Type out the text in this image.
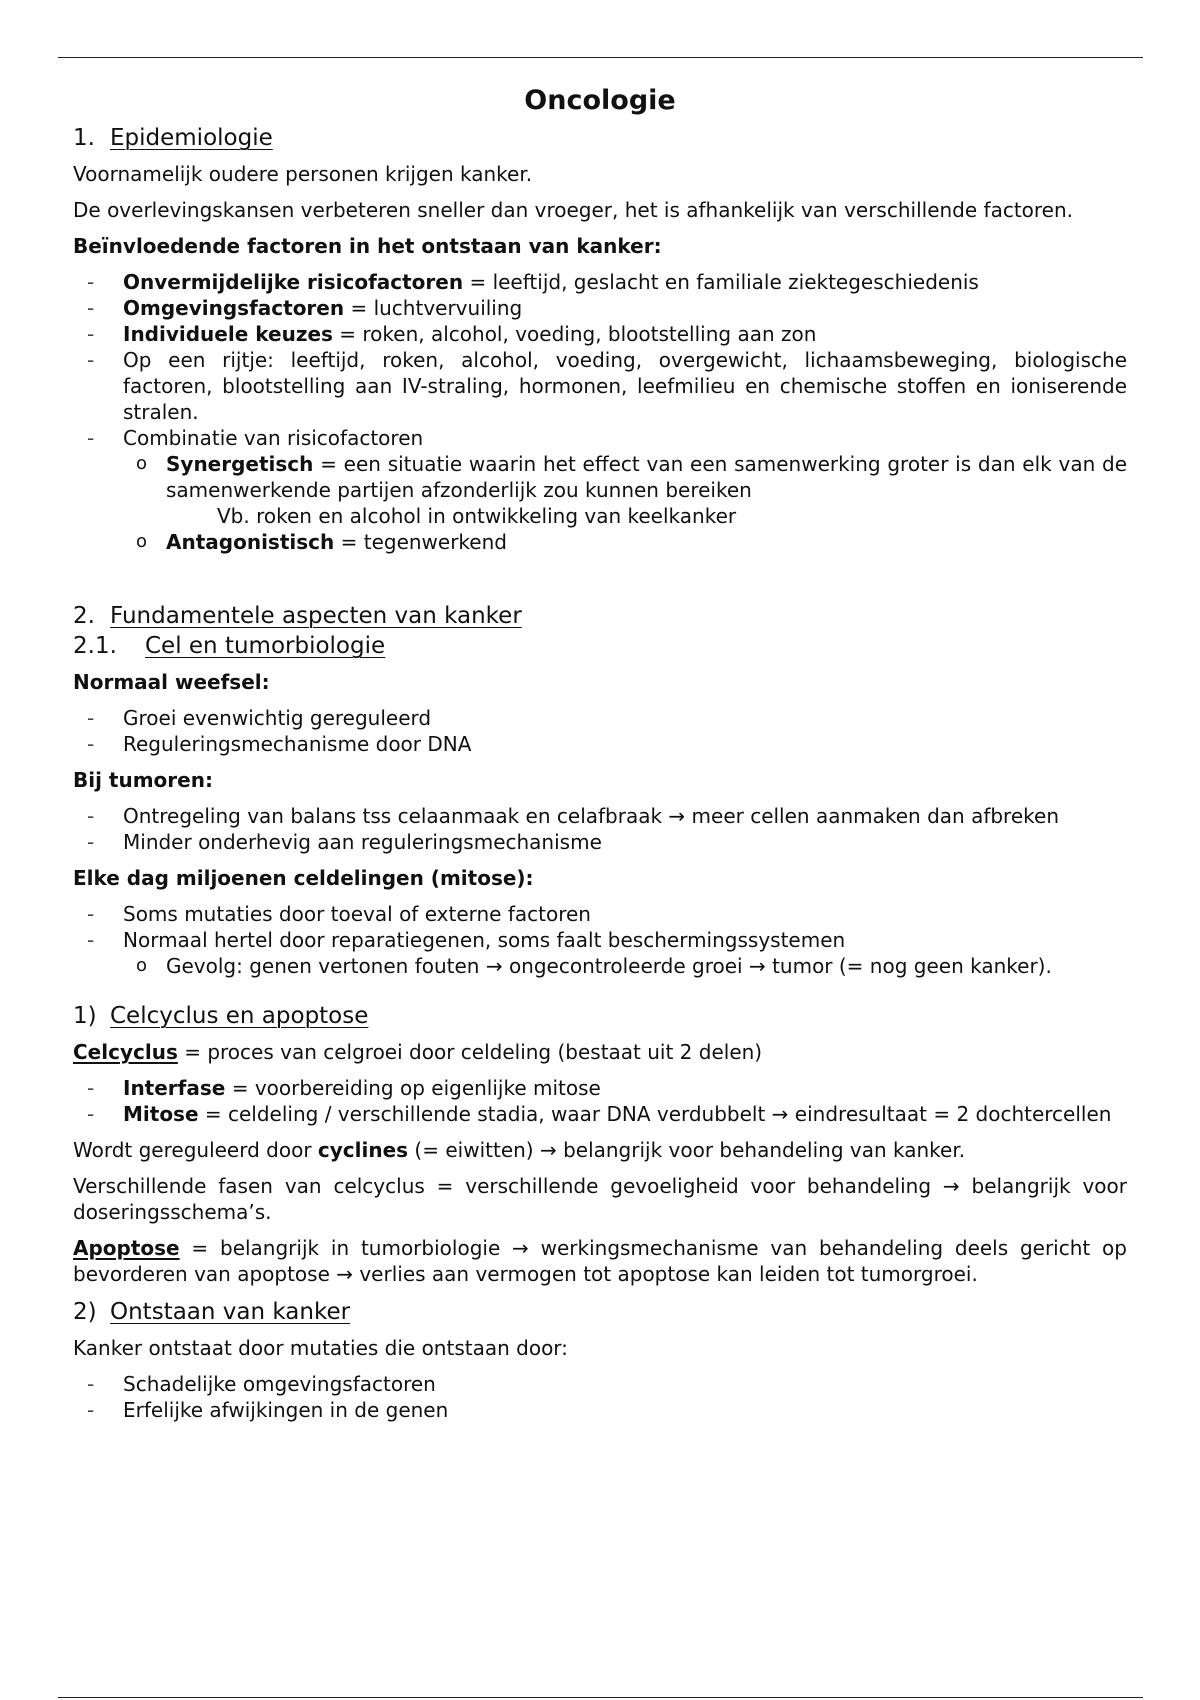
Oncologie
1. Epidemiologie

Voornamelijk oudere personen krijgen kanker.

De overlevingskansen verbeteren sneller dan vroeger, het is afhankelijk van verschillende factoren.

Beïnvloedende factoren in het ontstaan van kanker:

- Onvermijdelijke risicofactoren = leeftijd, geslacht en familiale ziektegeschiedenis
- Omgevingsfactoren = luchtvervuiling
- Individuele keuzes = roken, alcohol, voeding, blootstelling aan zon
- Op een rijtje: leeftijd, roken, alcohol, voeding, overgewicht, lichaamsbeweging, biologische factoren, blootstelling aan IV-straling, hormonen, leefmilieu en chemische stoffen en ioniserende stralen.
- Combinatie van risicofactoren
o Synergetisch = een situatie waarin het effect van een samenwerking groter is dan elk van de samenwerkende partijen afzonderlijk zou kunnen bereiken
Vb. roken en alcohol in ontwikkeling van keelkanker
o Antagonistisch = tegenwerkend
2. Fundamentele aspecten van kanker
2.1. Cel en tumorbiologie

Normaal weefsel:

- Groei evenwichtig gereguleerd
- Reguleringsmechanisme door DNA

Bij tumoren:

- Ontregeling van balans tss celaanmaak en celafbraak → meer cellen aanmaken dan afbreken
- Minder onderhevig aan reguleringsmechanisme

Elke dag miljoenen celdelingen (mitose):

- Soms mutaties door toeval of externe factoren
- Normaal hertel door reparatiegenen, soms faalt beschermingssystemen
o Gevolg: genen vertonen fouten → ongecontroleerde groei → tumor (= nog geen kanker).
1) Celcyclus en apoptose

Celcyclus = proces van celgroei door celdeling (bestaat uit 2 delen)

- Interfase = voorbereiding op eigenlijke mitose
- Mitose = celdeling / verschillende stadia, waar DNA verdubbelt → eindresultaat = 2 dochtercellen

Wordt gereguleerd door cyclines (= eiwitten) → belangrijk voor behandeling van kanker.

Verschillende fasen van celcyclus = verschillende gevoeligheid voor behandeling → belangrijk voor doseringsschema’s.

Apoptose = belangrijk in tumorbiologie → werkingsmechanisme van behandeling deels gericht op bevorderen van apoptose → verlies aan vermogen tot apoptose kan leiden tot tumorgroei.

2) Ontstaan van kanker

Kanker ontstaat door mutaties die ontstaan door:

- Schadelijke omgevingsfactoren
- Erfelijke afwijkingen in de genen
